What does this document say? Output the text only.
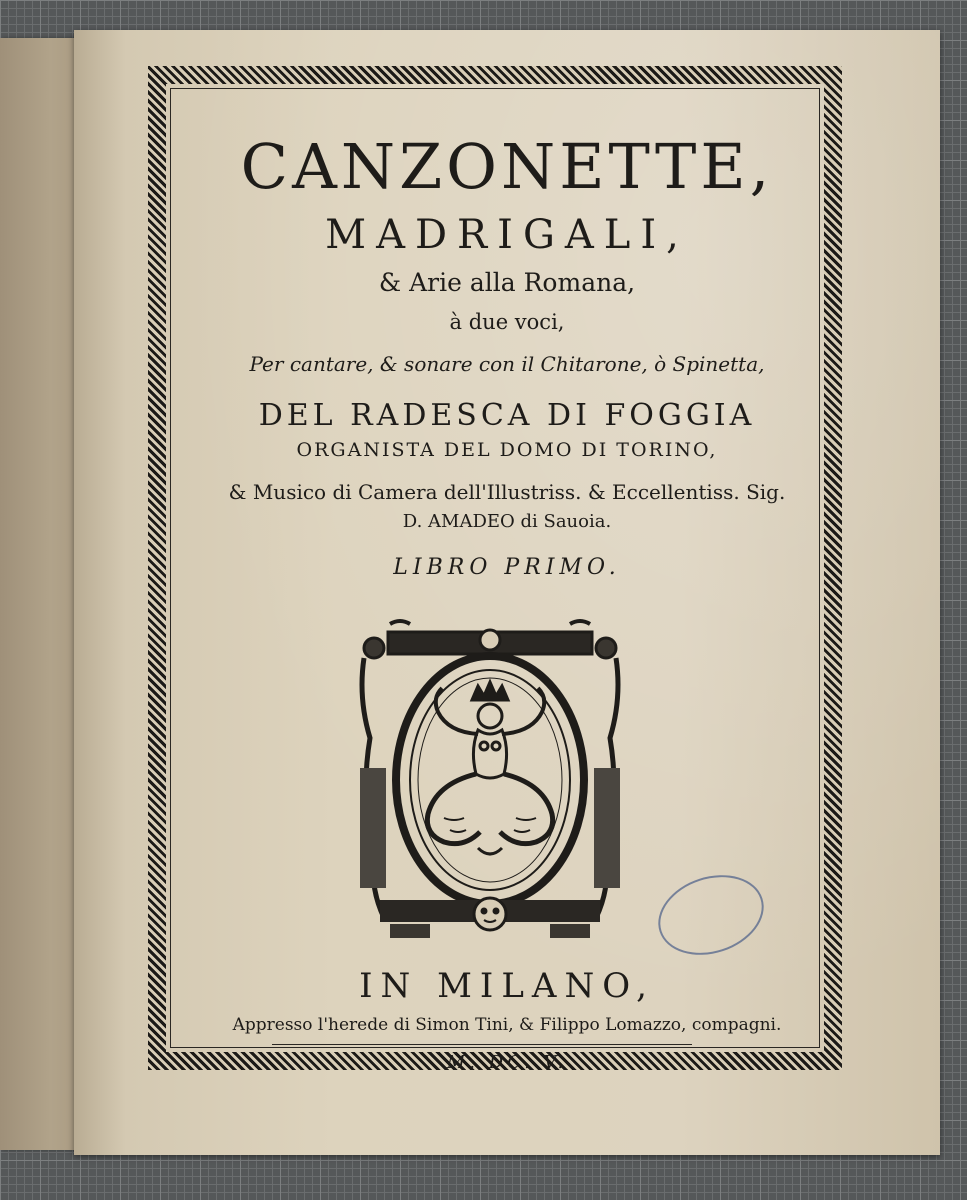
CANZONETTE,
MADRIGALI,
& Arie alla Romana,
à due voci,
Per cantare, & sonare con il Chitarone, ò Spinetta,
DEL RADESCA DI FOGGIA
ORGANISTA DEL DOMO DI TORINO,
& Musico di Camera dell'Illustriss. & Eccellentiss. Sig.
D. AMADEO di Sauoia.
LIBRO PRIMO.
IN MILANO,
Appresso l'herede di Simon Tini, & Filippo Lomazzo, compagni.
M. DC. V.
